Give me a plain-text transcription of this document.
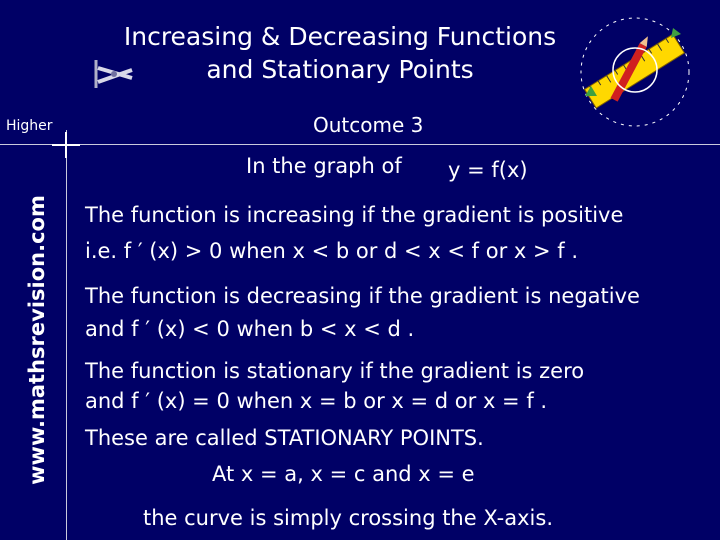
Increasing & Decreasing Functions
and Stationary Points
Higher	Outcome 3
www.mathsrevision.com
In the graph of y = f(x)
The function is increasing if the gradient is positive
i.e. f ′ (x) > 0 when x < b or d < x < f or x > f .
The function is decreasing if the gradient is negative
and f ′ (x) < 0 when b < x < d .
The function is stationary if the gradient is zero
and f ′ (x) = 0 when x = b or x = d or x = f .
These are called STATIONARY POINTS.
At x = a, x = c and x = e
the curve is simply crossing the X-axis.
